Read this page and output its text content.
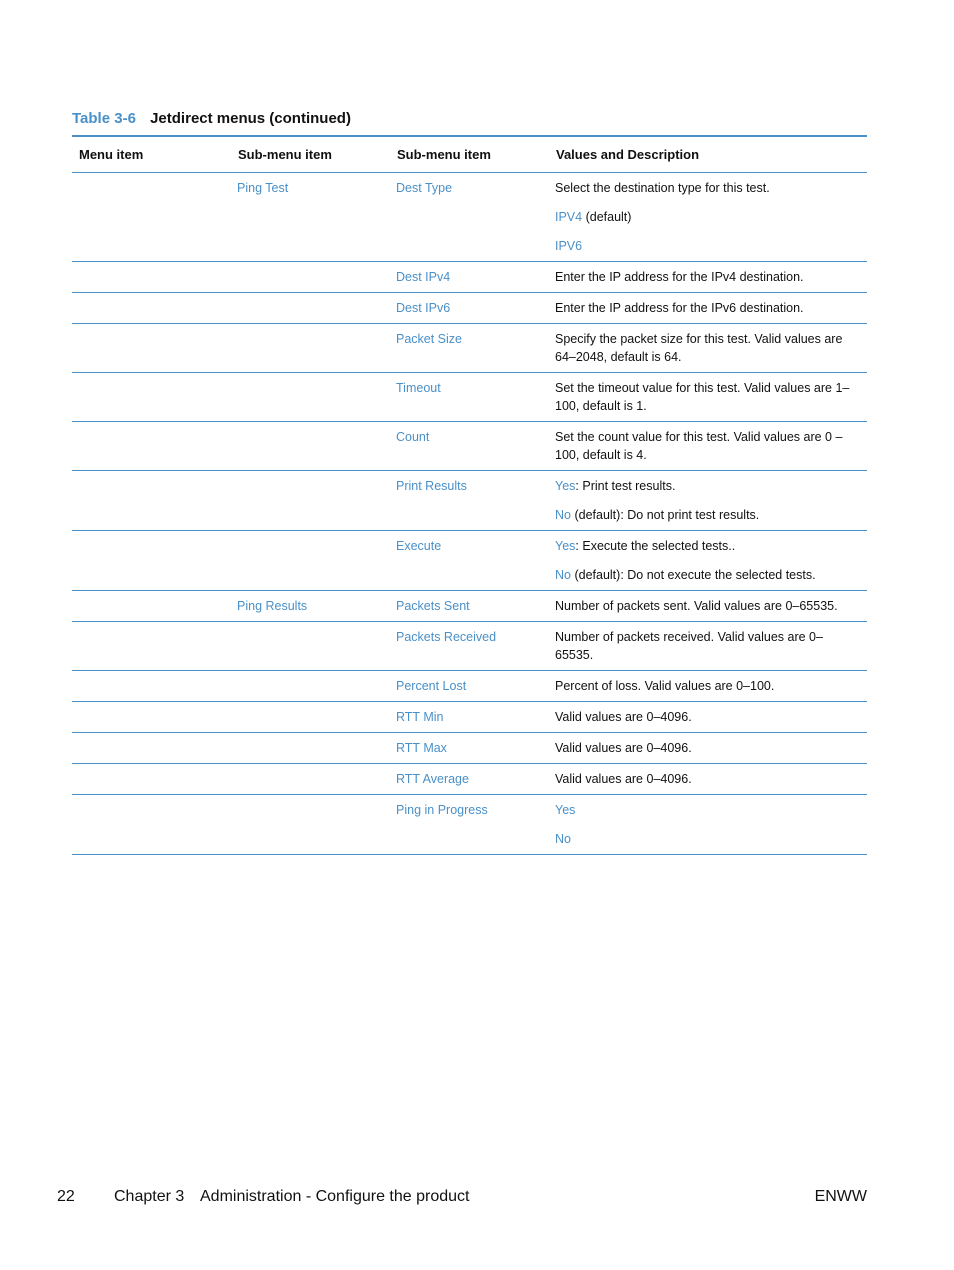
Table 3-6 Jetdirect menus (continued)
Menu item	Sub-menu item	Sub-menu item	Values and Description
	Ping Test	Dest Type	Select the destination type for this test.
IPV4 (default)
IPV6

		Dest IPv4	Enter the IP address for the IPv4 destination.

		Dest IPv6	Enter the IP address for the IPv6 destination.

		Packet Size	Specify the packet size for this test. Valid values are 64–2048, default is 64.

		Timeout	Set the timeout value for this test. Valid values are 1–100, default is 1.

		Count	Set the count value for this test. Valid values are 0 – 100, default is 4.

		Print Results	Yes: Print test results.
No (default): Do not print test results.

		Execute	Yes: Execute the selected tests..
No (default): Do not execute the selected tests.

	Ping Results	Packets Sent	Number of packets sent. Valid values are 0–65535.

		Packets Received	Number of packets received. Valid values are 0–65535.

		Percent Lost	Percent of loss. Valid values are 0–100.

		RTT Min	Valid values are 0–4096.

		RTT Max	Valid values are 0–4096.

		RTT Average	Valid values are 0–4096.

		Ping in Progress	Yes
No
22 Chapter 3 Administration - Configure the product	ENWW
